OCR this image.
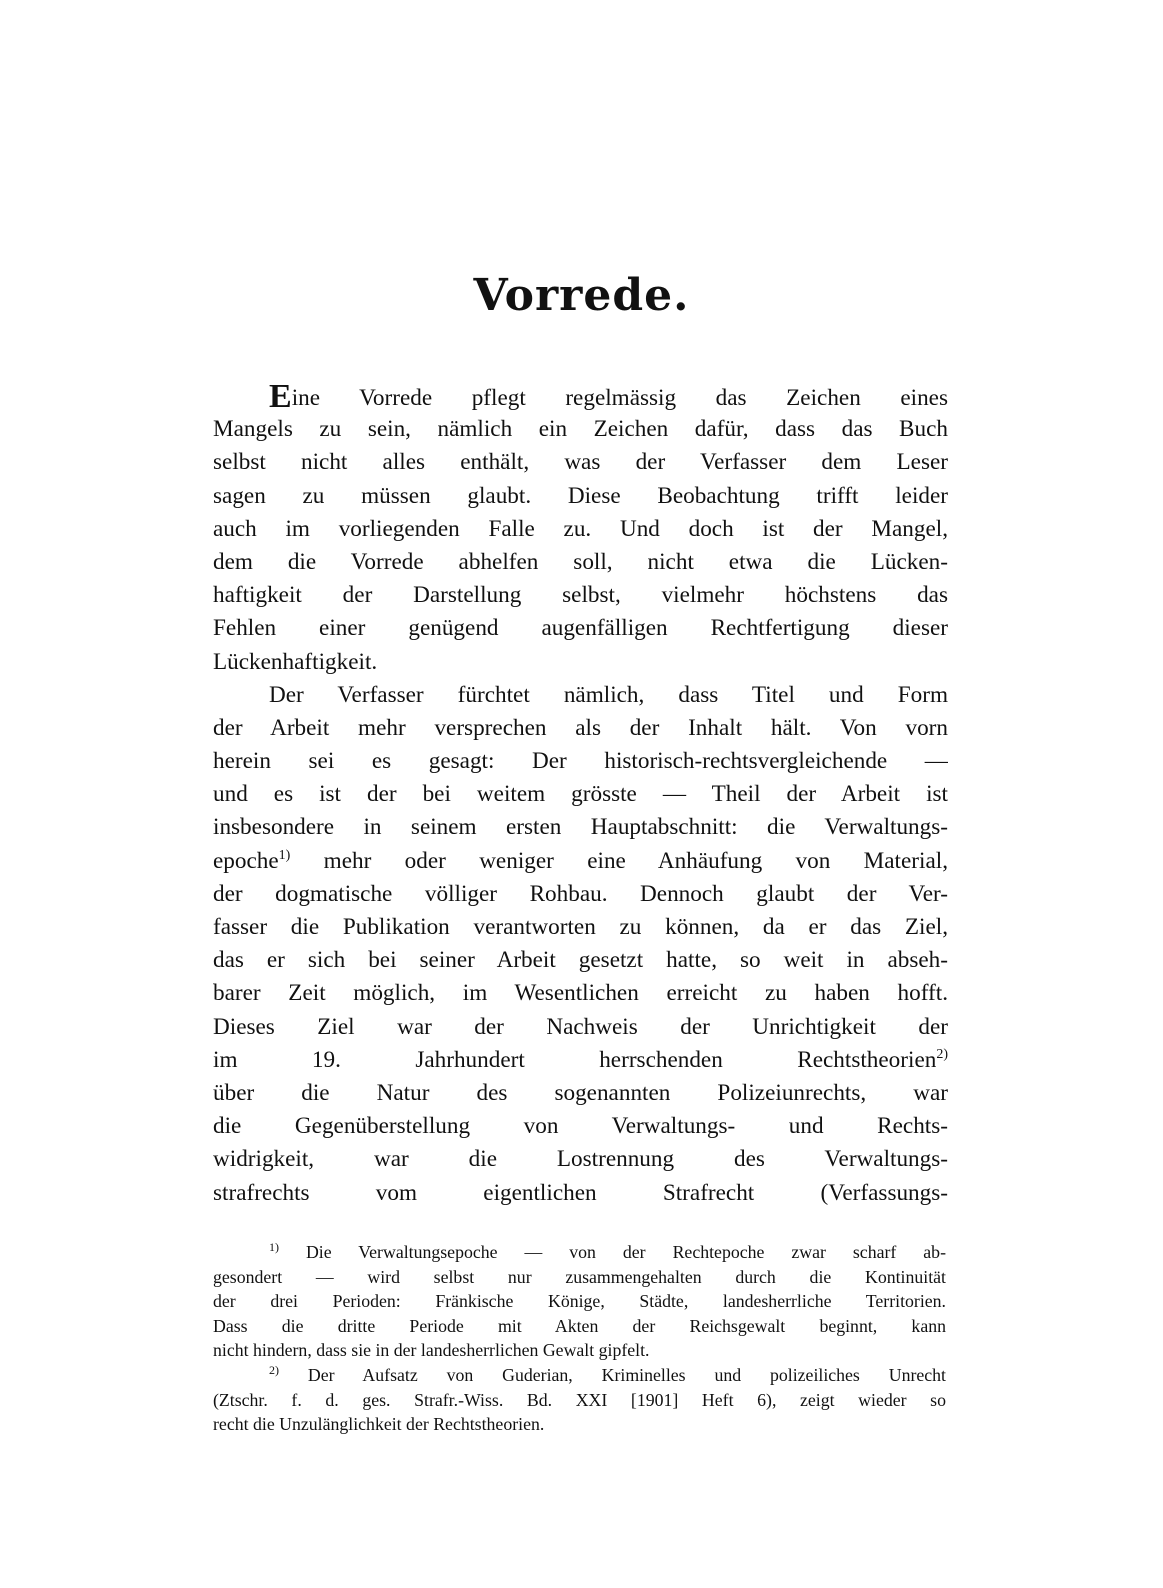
Vorrede.
Eine Vorrede pflegt regelmässig das Zeichen eines
Mangels zu sein, nämlich ein Zeichen dafür, dass das Buch
selbst nicht alles enthält, was der Verfasser dem Leser
sagen zu müssen glaubt. Diese Beobachtung trifft leider
auch im vorliegenden Falle zu. Und doch ist der Mangel,
dem die Vorrede abhelfen soll, nicht etwa die Lücken-
haftigkeit der Darstellung selbst, vielmehr höchstens das
Fehlen einer genügend augenfälligen Rechtfertigung dieser
Lückenhaftigkeit.
Der Verfasser fürchtet nämlich, dass Titel und Form
der Arbeit mehr versprechen als der Inhalt hält. Von vorn
herein sei es gesagt: Der historisch-rechtsvergleichende —
und es ist der bei weitem grösste — Theil der Arbeit ist
insbesondere in seinem ersten Hauptabschnitt: die Verwaltungs-
epoche$^{1)}$ mehr oder weniger eine Anhäufung von Material,
der dogmatische völliger Rohbau. Dennoch glaubt der Ver-
fasser die Publikation verantworten zu können, da er das Ziel,
das er sich bei seiner Arbeit gesetzt hatte, so weit in abseh-
barer Zeit möglich, im Wesentlichen erreicht zu haben hofft.
Dieses Ziel war der Nachweis der Unrichtigkeit der
im 19. Jahrhundert herrschenden Rechtstheorien$^{2)}$
über die Natur des sogenannten Polizeiunrechts, war
die Gegenüberstellung von Verwaltungs- und Rechts-
widrigkeit, war die Lostrennung des Verwaltungs-
strafrechts vom eigentlichen Strafrecht (Verfassungs-
$^{1)}$ Die Verwaltungsepoche — von der Rechtepoche zwar scharf ab-
gesondert — wird selbst nur zusammengehalten durch die Kontinuität
der drei Perioden: Fränkische Könige, Städte, landesherrliche Territorien.
Dass die dritte Periode mit Akten der Reichsgewalt beginnt, kann
nicht hindern, dass sie in der landesherrlichen Gewalt gipfelt.
$^{2)}$ Der Aufsatz von Guderian, Kriminelles und polizeiliches Unrecht
(Ztschr. f. d. ges. Strafr.-Wiss. Bd. XXI [1901] Heft 6), zeigt wieder so
recht die Unzulänglichkeit der Rechtstheorien.
